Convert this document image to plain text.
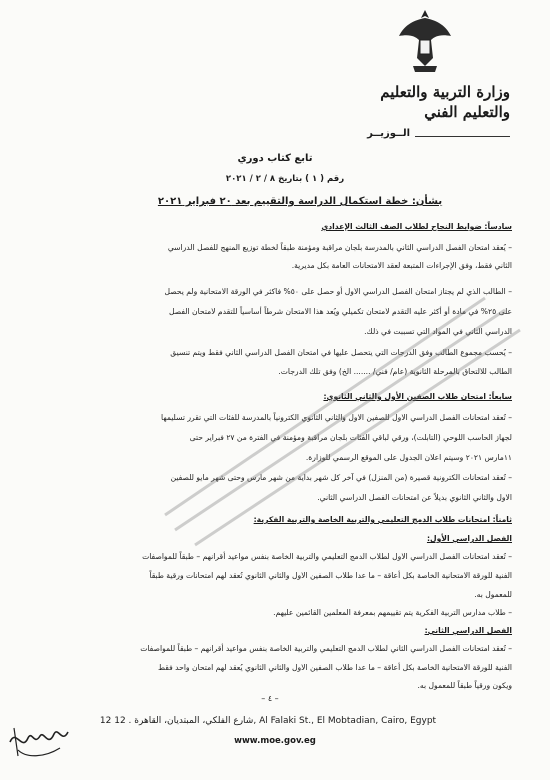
وزارة التربية والتعليم والتعليم الفني
الــوزيــر
تابع كتاب دوري
رقم ( ١ ) بتاريخ ٨ / ٢ / ٢٠٢١
بشأن: خطة استكمال الدراسة والتقييم بعد ٢٠ فبراير ٢٠٢١
سادساً: ضوابط النجاح لطلاب الصف الثالث الإعدادي
– يُعقد امتحان الفصل الدراسي الثاني بالمدرسة بلجان مراقبة ومؤمنة طبقاً لخطة توزيع المنهج للفصل الدراسي
الثاني فقط، وفق الإجراءات المتبعة لعقد الامتحانات العامة بكل مديرية.
– الطالب الذي لم يجتاز امتحان الفصل الدراسي الاول أو حصل على ٥٠% فاكثر في الورقة الامتحانية ولم يحصل
على ٢٥% في مادة أو أكثر عليه التقدم لامتحان تكميلي ويُعد هذا الامتحان شرطاً أساسياً للتقدم لامتحان الفصل
الدراسي الثاني في المواد التي تسببت في ذلك.
– يُحسب مجموع الطالب وفق الدرجات التي يتحصل عليها في امتحان الفصل الدراسي الثاني فقط ويتم تنسيق
الطالب للالتحاق بالمرحلة الثانوية (عام/ فني/ ....... الخ) وفق تلك الدرجات.
سابعاً: امتحان طلاب الصفين الأول والثاني الثانوي:
– تُعقد امتحانات الفصل الدراسي الاول للصفين الاول والثاني الثانوي الكترونياً بالمدرسة للفئات التي تقرر تسليمها
لجهاز الحاسب اللوحي (التابلت)، ورقي لباقي الفئات بلجان مراقبة ومؤمنة في الفترة من ٢٧ فبراير حتى
١١مارس ٢٠٢١ وسيتم اعلان الجدول على الموقع الرسمي للوزارة.
– تُعقد امتحانات الكترونية قصيرة (من المنزل) في آخر كل شهر بداية من شهر مارس وحتى شهر مايو للصفين
الاول والثاني الثانوي بديلاً عن امتحانات الفصل الدراسي الثاني.
ثامناً: امتحانات طلاب الدمج التعليمي والتربية الخاصة والتربية الفكرية:
الفصل الدراسي الأول:
– تُعقد امتحانات الفصل الدراسي الاول لطلاب الدمج التعليمي والتربية الخاصة بنفس مواعيد أقرانهم – طبقاً للمواصفات
الفنية للورقة الامتحانية الخاصة بكل أعاقة – ما عدا طلاب الصفين الاول والثاني الثانوي تُعقد لهم امتحانات ورقية طبقاً
للمعمول به.
– طلاب مدارس التربية الفكرية يتم تقييمهم بمعرفة المعلمين القائمين عليهم.
الفصل الدراسي الثاني:
– تُعقد امتحانات الفصل الدراسي الثاني لطلاب الدمج التعليمي والتربية الخاصة بنفس مواعيد أقرانهم – طبقاً للمواصفات
الفنية للورقة الامتحانية الخاصة بكل أعاقة – ما عدا طلاب الصفين الاول والثاني الثانوي يُعقد لهم امتحان واحد فقط
ويكون ورقياً طبقاً للمعمول به.
– ٤ –
12 شارع الفلكي، المبتديان، القاهرة . 12, Al Falaki St., El Mobtadian, Cairo, Egypt
www.moe.gov.eg
